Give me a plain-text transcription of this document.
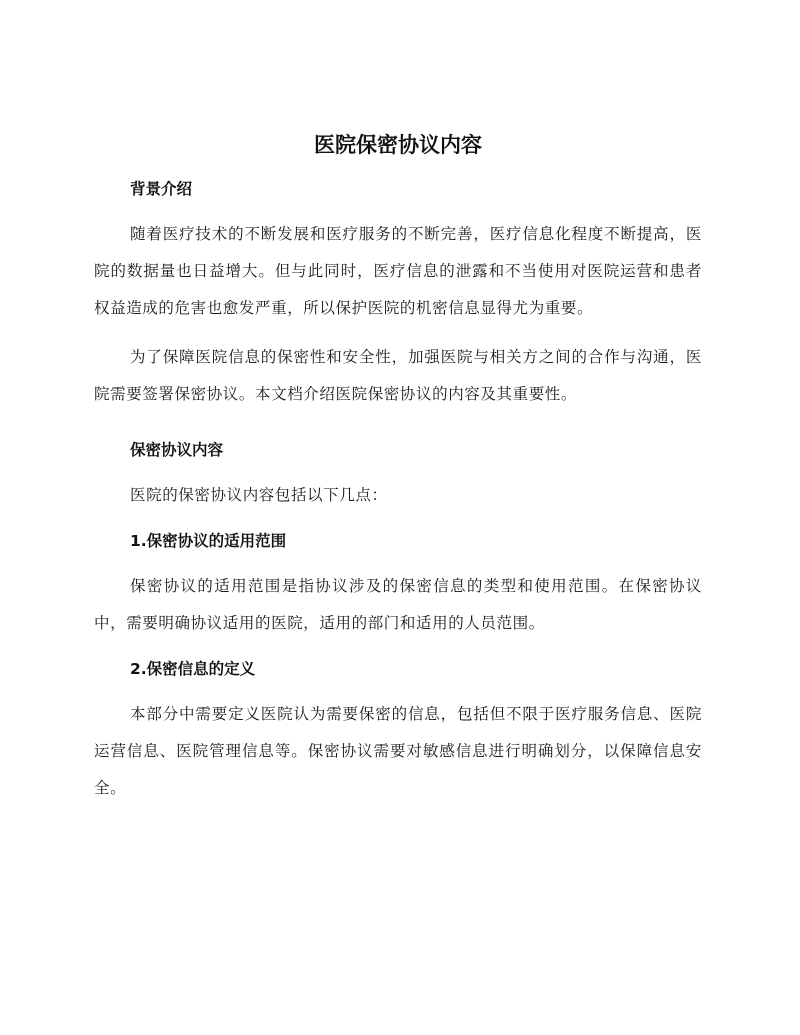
医院保密协议内容
背景介绍

随着医疗技术的不断发展和医疗服务的不断完善，医疗信息化程度不断提高，医院的数据量也日益增大。但与此同时，医疗信息的泄露和不当使用对医院运营和患者权益造成的危害也愈发严重，所以保护医院的机密信息显得尤为重要。

为了保障医院信息的保密性和安全性，加强医院与相关方之间的合作与沟通，医院需要签署保密协议。本文档介绍医院保密协议的内容及其重要性。

保密协议内容

医院的保密协议内容包括以下几点：

1.保密协议的适用范围

保密协议的适用范围是指协议涉及的保密信息的类型和使用范围。在保密协议中，需要明确协议适用的医院，适用的部门和适用的人员范围。

2.保密信息的定义

本部分中需要定义医院认为需要保密的信息，包括但不限于医疗服务信息、医院运营信息、医院管理信息等。保密协议需要对敏感信息进行明确划分，以保障信息安全。
